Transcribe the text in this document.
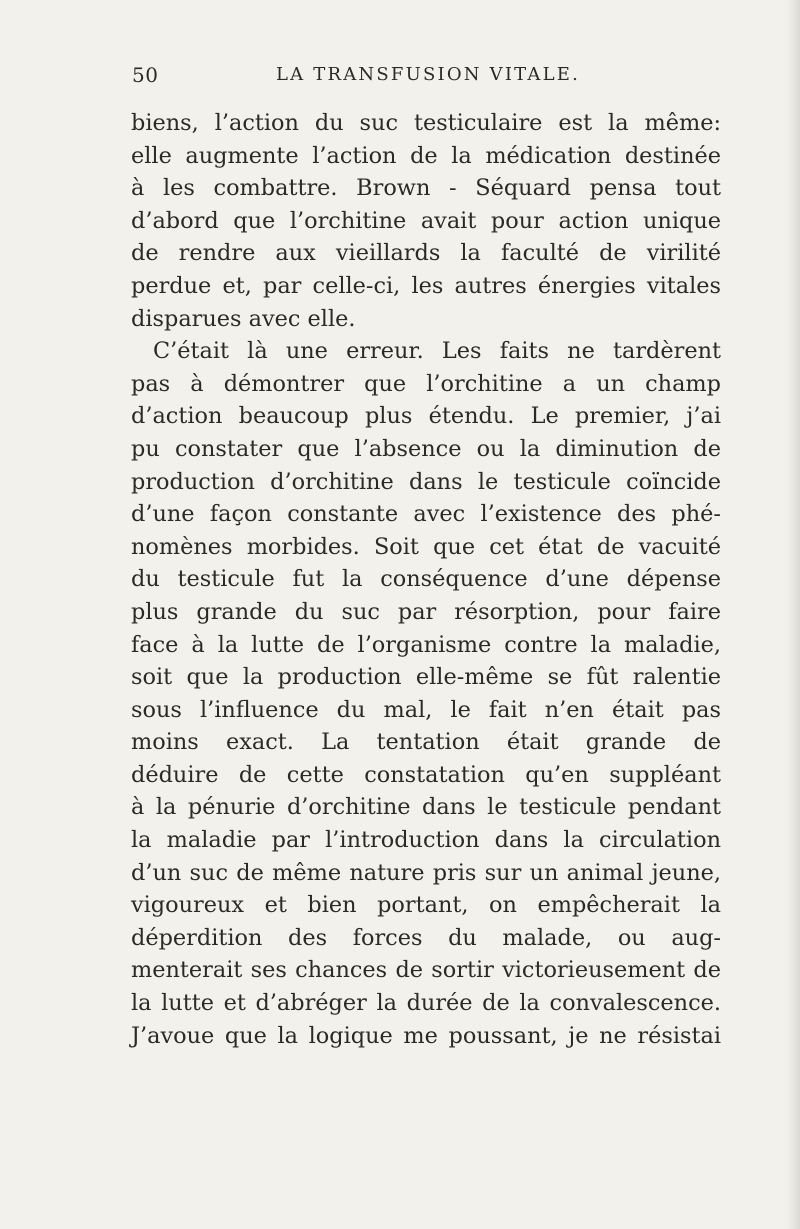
50	LA TRANSFUSION VITALE.
biens, l’action du suc testiculaire est la même:
elle augmente l’action de la médication destinée
à les combattre. Brown - Séquard pensa tout
d’abord que l’orchitine avait pour action unique
de rendre aux vieillards la faculté de virilité
perdue et, par celle-ci, les autres énergies vitales
disparues avec elle.
C’était là une erreur. Les faits ne tardèrent
pas à démontrer que l’orchitine a un champ
d’action beaucoup plus étendu. Le premier, j’ai
pu constater que l’absence ou la diminution de
production d’orchitine dans le testicule coïncide
d’une façon constante avec l’existence des phé-
nomènes morbides. Soit que cet état de vacuité
du testicule fut la conséquence d’une dépense
plus grande du suc par résorption, pour faire
face à la lutte de l’organisme contre la maladie,
soit que la production elle-même se fût ralentie
sous l’influence du mal, le fait n’en était pas
moins exact. La tentation était grande de
déduire de cette constatation qu’en suppléant
à la pénurie d’orchitine dans le testicule pendant
la maladie par l’introduction dans la circulation
d’un suc de même nature pris sur un animal jeune,
vigoureux et bien portant, on empêcherait la
déperdition des forces du malade, ou aug-
menterait ses chances de sortir victorieusement de
la lutte et d’abréger la durée de la convalescence.
J’avoue que la logique me poussant, je ne résistai
